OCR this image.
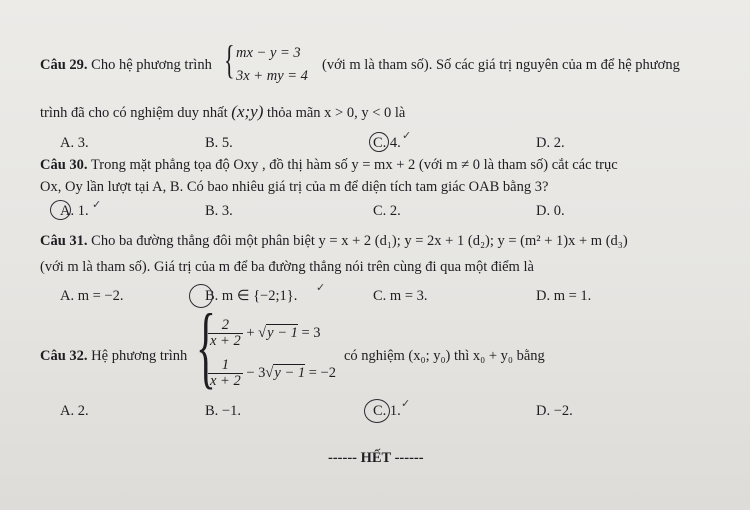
Câu 29. Cho hệ phương trình { mx − y = 3
3x + my = 4
(với m là tham số). Số các giá trị nguyên của m để hệ phương
trình đã cho có nghiệm duy nhất (x;y) thỏa mãn x > 0, y < 0 là
A. 3.	B. 5.	C. 4.	D. 2.
✓
Câu 30. Trong mặt phẳng tọa độ Oxy , đồ thị hàm số y = mx + 2 (với m ≠ 0 là tham số) cắt các trục
Ox, Oy lần lượt tại A, B. Có bao nhiêu giá trị của m để diện tích tam giác OAB bằng 3?
A. 1.	B. 3.	C. 2.	D. 0.
✓
Câu 31. Cho ba đường thẳng đôi một phân biệt y = x + 2 (d₁); y = 2x + 1 (d₂); y = (m² + 1)x + m (d₃)
(với m là tham số). Giá trị của m để ba đường thẳng nói trên cùng đi qua một điểm là
A. m = −2.	B. m ∈ {−2;1}.	C. m = 3.	D. m = 1.
✓
Câu 32. Hệ phương trình {
$\frac{2}{x + 2} + √y - 1 = 3$
$\frac{1}{x + 2} - 3√y - 1 = -2$
có nghiệm (x₀; y₀) thì x₀ + y₀ bằng
A. 2.	B. −1.	C. 1.	D. −2.
✓
------ HẾT ------
